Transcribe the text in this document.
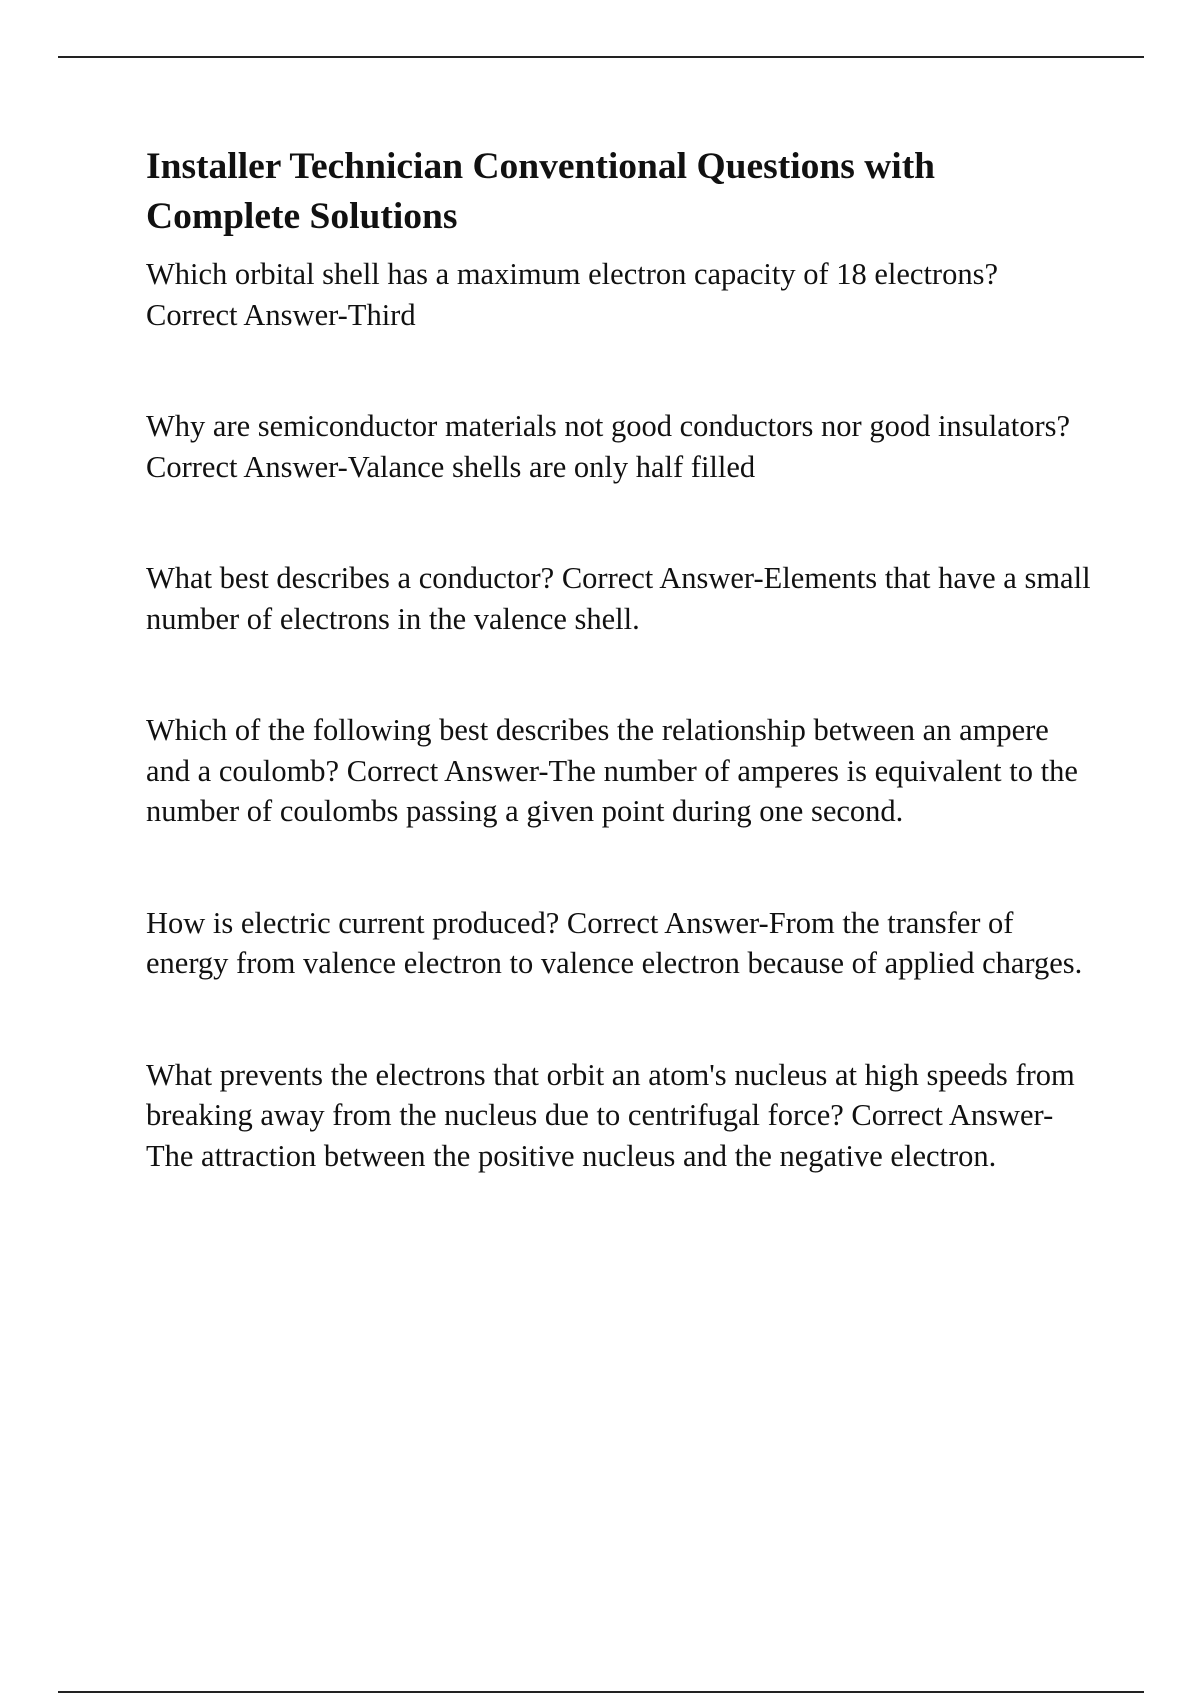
Installer Technician Conventional Questions with Complete Solutions
Which orbital shell has a maximum electron capacity of 18 electrons? Correct Answer-Third
Why are semiconductor materials not good conductors nor good insulators? Correct Answer-Valance shells are only half filled
What best describes a conductor? Correct Answer-Elements that have a small number of electrons in the valence shell.
Which of the following best describes the relationship between an ampere and a coulomb? Correct Answer-The number of amperes is equivalent to the number of coulombs passing a given point during one second.
How is electric current produced? Correct Answer-From the transfer of energy from valence electron to valence electron because of applied charges.
What prevents the electrons that orbit an atom's nucleus at high speeds from breaking away from the nucleus due to centrifugal force? Correct Answer-The attraction between the positive nucleus and the negative electron.
